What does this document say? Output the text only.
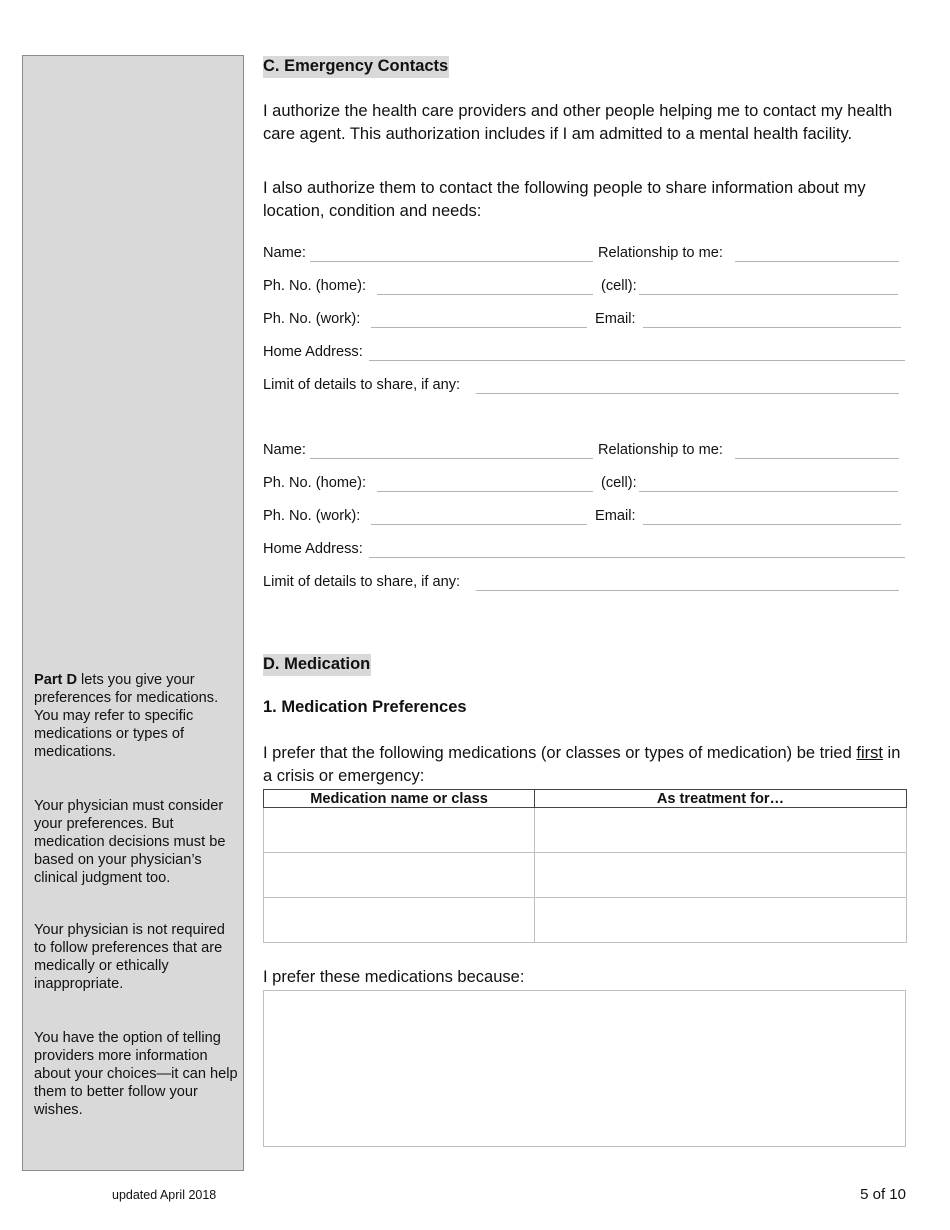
Part D lets you give your preferences for medications. You may refer to specific medications or types of medications.
Your physician must consider your preferences. But medication decisions must be based on your physician’s clinical judgment too.
Your physician is not required to follow preferences that are medically or ethically inappropriate.
You have the option of telling providers more information about your choices—it can help them to better follow your wishes.
C. Emergency Contacts
I authorize the health care providers and other people helping me to contact my health care agent. This authorization includes if I am admitted to a mental health facility.
I also authorize them to contact the following people to share information about my location, condition and needs:
Name:	Relationship to me:
Ph. No. (home):	(cell):
Ph. No. (work):	Email:
Home Address:
Limit of details to share, if any:
Name:	Relationship to me:
Ph. No. (home):	(cell):
Ph. No. (work):	Email:
Home Address:
Limit of details to share, if any:
D. Medication
1. Medication Preferences
I prefer that the following medications (or classes or types of medication) be tried first in a crisis or emergency:
Medication name or class	As treatment for…

I prefer these medications because:
updated April 2018	5 of 10
